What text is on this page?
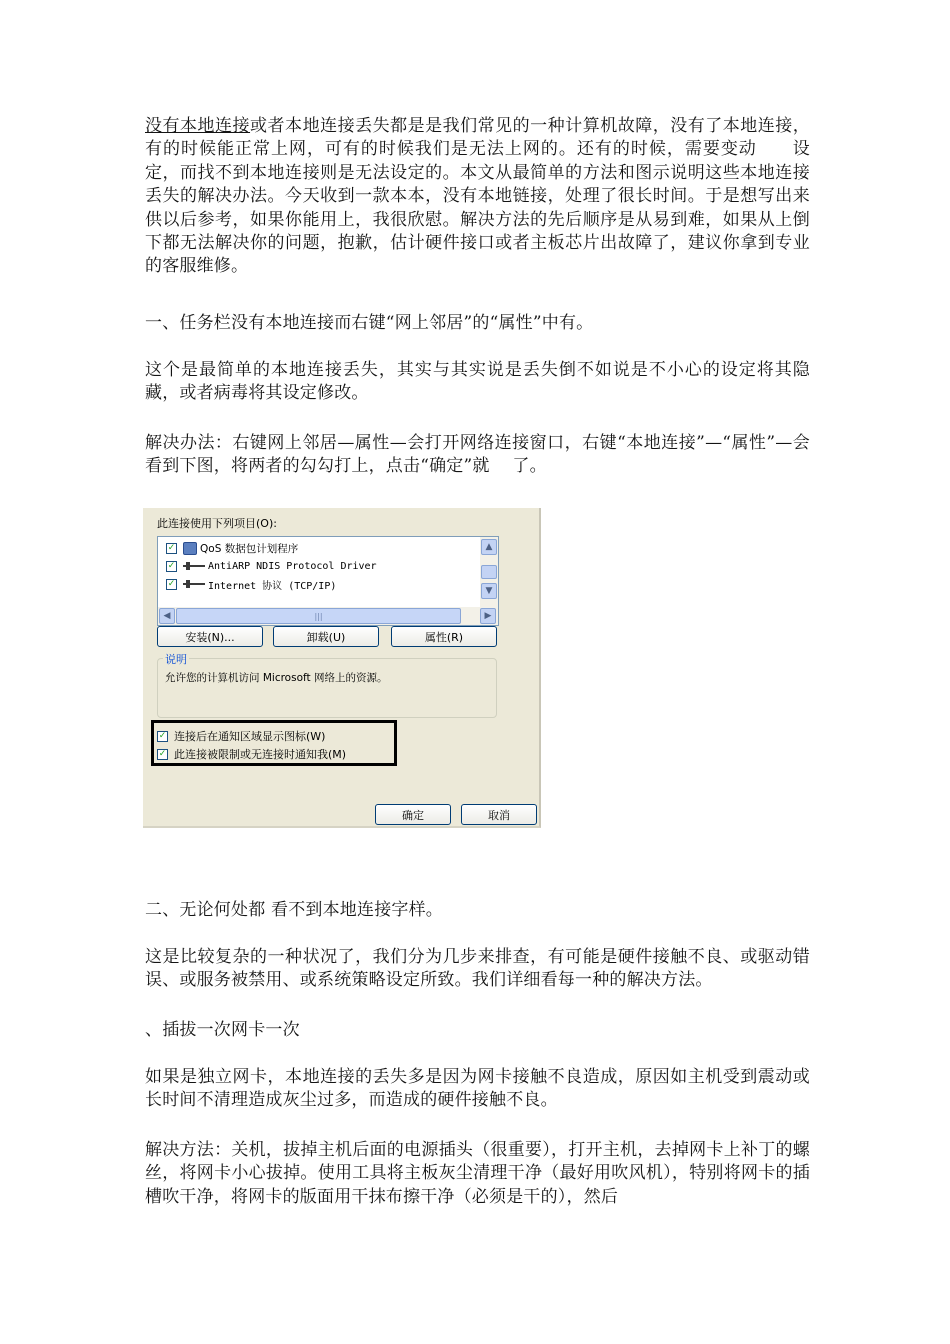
没有本地连接或者本地连接丢失都是是我们常见的一种计算机故障，没有了本地连接，有的时候能正常上网，可有的时候我们是无法上网的。还有的时候，需要变动　　设定，而找不到本地连接则是无法设定的。本文从最简单的方法和图示说明这些本地连接丢失的解决办法。今天收到一款本本，没有本地链接，处理了很长时间。于是想写出来供以后参考，如果你能用上，我很欣慰。解决方法的先后顺序是从易到难，如果从上倒下都无法解决你的问题，抱歉，估计硬件接口或者主板芯片出故障了，建议你拿到专业的客服维修。

一、任务栏没有本地连接而右键“网上邻居”的“属性”中有。

这个是最简单的本地连接丢失，其实与其实说是丢失倒不如说是不小心的设定将其隐藏，或者病毒将其设定修改。

解决办法：右键网上邻居—属性—会打开网络连接窗口，右键“本地连接”—“属性”—会看到下图，将两者的勾勾打上，点击“确定”就　 了。

此连接使用下列项目(O):
✓ QoS 数据包计划程序
✓	AntiARP NDIS Protocol Driver
✓	Internet 协议 (TCP/IP)
▲
▼
◀	|||	▶
安装(N)...	卸载(U)	属性(R)
说明
允许您的计算机访问 Microsoft 网络上的资源。
✓ 连接后在通知区域显示图标(W)
✓ 此连接被限制或无连接时通知我(M)
确定	取消

二、无论何处都 看不到本地连接字样。

这是比较复杂的一种状况了，我们分为几步来排查，有可能是硬件接触不良、或驱动错误、或服务被禁用、或系统策略设定所致。我们详细看每一种的解决方法。

、插拔一次网卡一次

如果是独立网卡，本地连接的丢失多是因为网卡接触不良造成，原因如主机受到震动或长时间不清理造成灰尘过多，而造成的硬件接触不良。

解决方法：关机，拔掉主机后面的电源插头（很重要），打开主机，去掉网卡上补丁的螺丝，将网卡小心拔掉。使用工具将主板灰尘清理干净（最好用吹风机），特别将网卡的插槽吹干净，将网卡的版面用干抹布擦干净（必须是干的），然后
